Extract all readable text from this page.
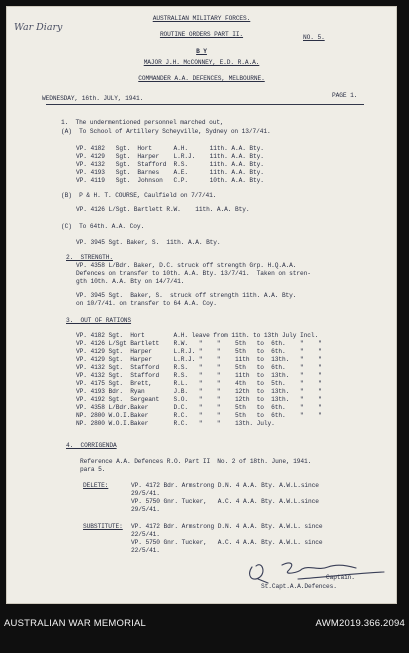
War Diary
AUSTRALIAN MILITARY FORCES.
ROUTINE ORDERS PART II.	NO. 5.
B Y
MAJOR J.H. McCONNEY, E.D. R.A.A.
COMMANDER A.A. DEFENCES, MELBOURNE.
WEDNESDAY, 16th. JULY, 1941.	PAGE 1.
1.  The undermentioned personnel marched out,
(A)  To School of Artillery Scheyville, Sydney on 13/7/41.
VP. 4182   Sgt.  Hort      A.H.      11th. A.A. Bty.
VP. 4129   Sgt.  Harper    L.R.J.    11th. A.A. Bty.
VP. 4132   Sgt.  Stafford  R.S.      11th. A.A. Bty.
VP. 4193   Sgt.  Barnes    A.E.      11th. A.A. Bty.
VP. 4119   Sgt.  Johnson   C.P.      10th. A.A. Bty.
(B)  P & H. T. COURSE, Caulfield on 7/7/41.
VP. 4126 L/Sgt. Bartlett R.W.    11th. A.A. Bty.
(C)  To 64th. A.A. Coy.
VP. 3945 Sgt. Baker, S.  11th. A.A. Bty.
2.  STRENGTH.
VP. 4358 L/Bdr. Baker, D.C. struck off strength Grp. H.Q.A.A.
Defences on transfer to 10th. A.A. Bty. 13/7/41.  Taken on stren-
gth 10th. A.A. Bty on 14/7/41.
VP. 3945 Sgt.  Baker, S.  struck off strength 11th. A.A. Bty.
on 10/7/41. on transfer to 64 A.A. Coy.
3.  OUT OF RATIONS
VP. 4182 Sgt.  Hort        A.H. leave from 11th. to 13th July Incl.
VP. 4126 L/Sgt Bartlett    R.W.   "    "    5th   to  6th.    "    "
VP. 4129 Sgt.  Harper      L.R.J. "    "    5th   to  6th.    "    "
VP. 4129 Sgt.  Harper      L.R.J. "    "    11th  to  13th.   "    "
VP. 4132 Sgt.  Stafford    R.S.   "    "    5th   to  6th.    "    "
VP. 4132 Sgt.  Stafford    R.S.   "    "    11th  to  13th.   "    "
VP. 4175 Sgt.  Brett,      R.L.   "    "    4th   to  5th.    "    "
VP. 4193 Bdr.  Ryan        J.B.   "    "    12th  to  13th.   "    "
VP. 4192 Sgt.  Sergeant    S.O.   "    "    12th  to  13th.   "    "
VP. 4358 L/Bdr.Baker       D.C.   "    "    5th   to  6th.    "    "
NP. 2800 W.O.I.Baker       R.C.   "    "    5th   to  6th.    "    "
NP. 2800 W.O.I.Baker       R.C.   "    "    13th. July.
4.  CORRIGENDA
Reference A.A. Defences R.O. Part II  No. 2 of 18th. June, 1941.
para 5.
DELETE:	VP. 4172 Bdr. Armstrong D.N. 4 A.A. Bty. A.W.L.since
29/5/41.
VP. 5750 Gnr. Tucker,   A.C. 4 A.A. Bty. A.W.L.since
29/5/41.
SUBSTITUTE: VP. 4172 Bdr. Armstrong D.N. 4 A.A. Bty. A.W.L. since
22/5/41.
VP. 5750 Gnr. Tucker,   A.C. 4 A.A. Bty. A.W.L. since
22/5/41.
Captain.
St.Capt.A.A.Defences.
AUSTRALIAN WAR MEMORIAL	AWM2019.366.2094
